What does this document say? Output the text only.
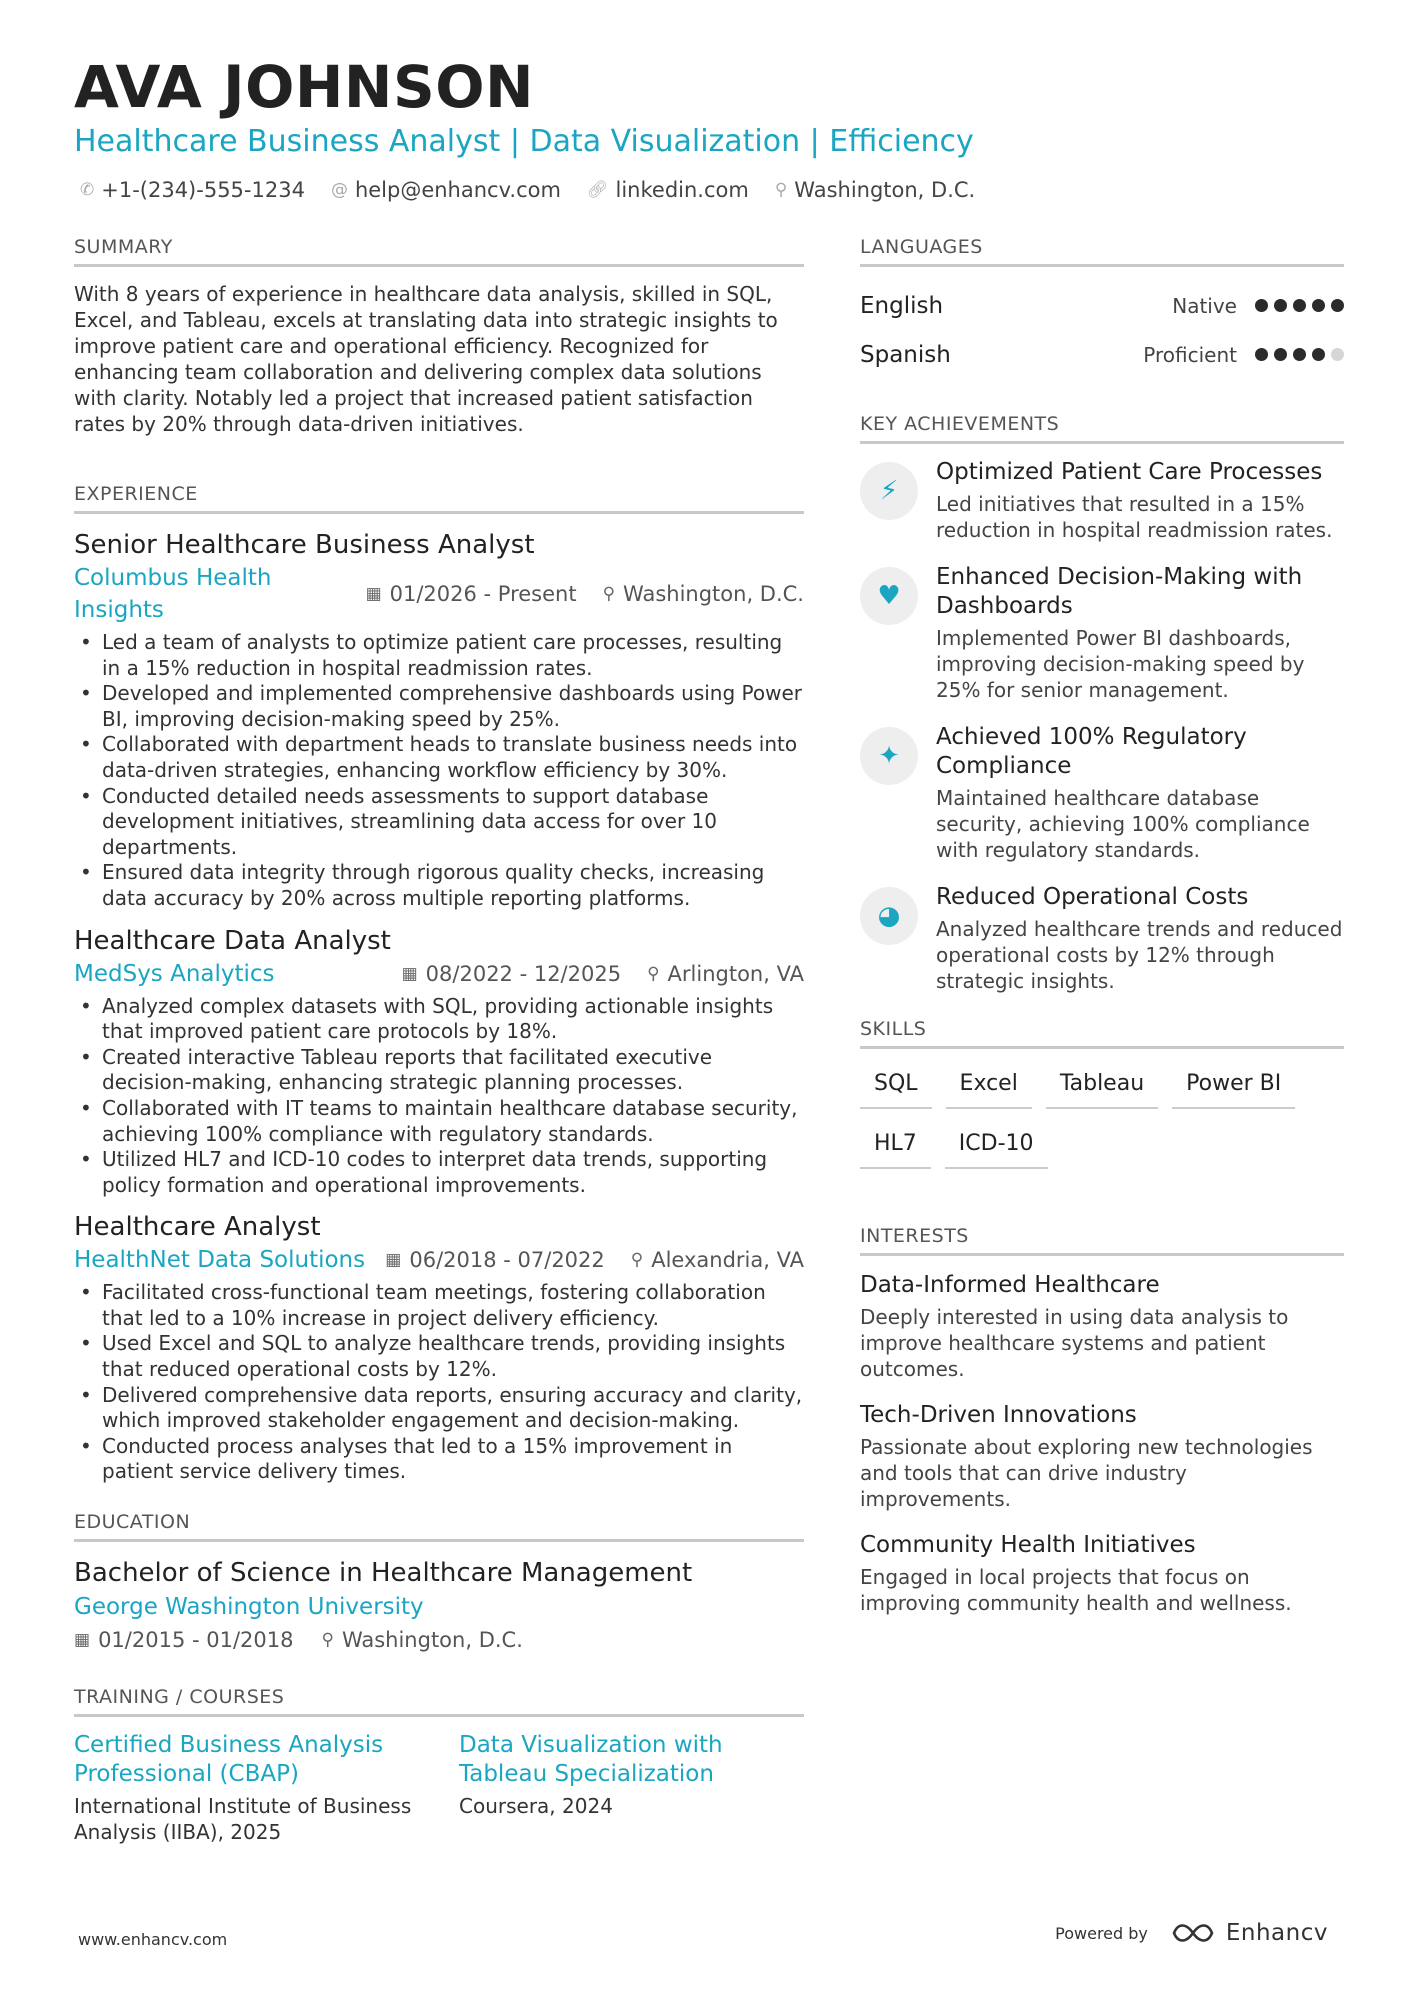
AVA JOHNSON
Healthcare Business Analyst | Data Visualization | Efficiency
✆ +1-(234)-555-1234 @ help@enhancv.com 🔗︎ linkedin.com ⚲ Washington, D.C.
SUMMARY
With 8 years of experience in healthcare data analysis, skilled in SQL, Excel, and Tableau, excels at translating data into strategic insights to improve patient care and operational efficiency. Recognized for enhancing team collaboration and delivering complex data solutions with clarity. Notably led a project that increased patient satisfaction rates by 20% through data-driven initiatives.
EXPERIENCE
Senior Healthcare Business Analyst
Columbus Health Insights
▦ 01/2026 - Present ⚲ Washington, D.C.
• Led a team of analysts to optimize patient care processes, resulting in a 15% reduction in hospital readmission rates.
• Developed and implemented comprehensive dashboards using Power BI, improving decision-making speed by 25%.
• Collaborated with department heads to translate business needs into data-driven strategies, enhancing workflow efficiency by 30%.
• Conducted detailed needs assessments to support database development initiatives, streamlining data access for over 10 departments.
• Ensured data integrity through rigorous quality checks, increasing data accuracy by 20% across multiple reporting platforms.
Healthcare Data Analyst
MedSys Analytics	▦ 08/2022 - 12/2025 ⚲ Arlington, VA
• Analyzed complex datasets with SQL, providing actionable insights that improved patient care protocols by 18%.
• Created interactive Tableau reports that facilitated executive decision-making, enhancing strategic planning processes.
• Collaborated with IT teams to maintain healthcare database security, achieving 100% compliance with regulatory standards.
• Utilized HL7 and ICD-10 codes to interpret data trends, supporting policy formation and operational improvements.
Healthcare Analyst
HealthNet Data Solutions	▦ 06/2018 - 07/2022 ⚲ Alexandria, VA
• Facilitated cross-functional team meetings, fostering collaboration that led to a 10% increase in project delivery efficiency.
• Used Excel and SQL to analyze healthcare trends, providing insights that reduced operational costs by 12%.
• Delivered comprehensive data reports, ensuring accuracy and clarity, which improved stakeholder engagement and decision-making.
• Conducted process analyses that led to a 15% improvement in patient service delivery times.
EDUCATION
Bachelor of Science in Healthcare Management
George Washington University
▦ 01/2015 - 01/2018 ⚲ Washington, D.C.
TRAINING / COURSES
Certified Business Analysis Professional (CBAP)
International Institute of Business Analysis (IIBA), 2025
Data Visualization with Tableau Specialization
Coursera, 2024
LANGUAGES
English	Native
Spanish	Proficient
KEY ACHIEVEMENTS
⚡
Optimized Patient Care Processes
Led initiatives that resulted in a 15% reduction in hospital readmission rates.
♥
Enhanced Decision-Making with Dashboards
Implemented Power BI dashboards, improving decision-making speed by 25% for senior management.
✦
Achieved 100% Regulatory Compliance
Maintained healthcare database security, achieving 100% compliance with regulatory standards.
◕
Reduced Operational Costs
Analyzed healthcare trends and reduced operational costs by 12% through strategic insights.
SKILLS
SQL	Excel	Tableau	Power BI
HL7	ICD-10
INTERESTS
Data-Informed Healthcare
Deeply interested in using data analysis to improve healthcare systems and patient outcomes.
Tech-Driven Innovations
Passionate about exploring new technologies and tools that can drive industry improvements.
Community Health Initiatives
Engaged in local projects that focus on improving community health and wellness.
www.enhancv.com	Powered by	Enhancv
